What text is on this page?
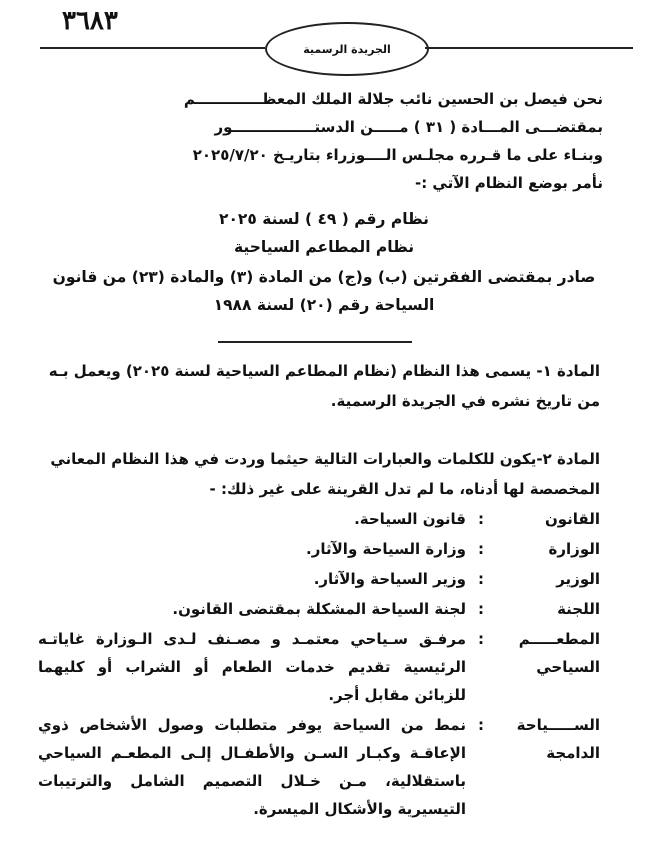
٣٦٨٣
الجريدة الرسمية
نحن فيصل بن الحسين نائب جلالة الملك المعظـــــــــــــم
بمقتضـــى المـــادة ( ٣١ ) مـــــن الدستــــــــــــــــور
وبنـاء على ما قـرره مجلـس الــــوزراء بتاريـخ ٢٠٢٥/٧/٢٠
نأمر بوضع النظام الآتي :-
نظام رقم ( ٤٩ ) لسنة ٢٠٢٥
نظام المطاعم السياحية
صادر بمقتضى الفقرتين (ب) و(ج) من المادة (٣) والمادة (٢٣) من قانون
السياحة رقم (٢٠) لسنة ١٩٨٨
المادة ١- يسمى هذا النظام (نظام المطاعم السياحية لسنة ٢٠٢٥) ويعمل بـه
من تاريخ نشره في الجريدة الرسمية.
المادة ٢-يكون للكلمات والعبارات التالية حيثما وردت في هذا النظام المعاني
المخصصة لها أدناه، ما لم تدل القرينة على غير ذلك: -
القانون
:
قانون السياحة.
الوزارة
:
وزارة السياحة والآثار.
الوزير
:
وزير السياحة والآثار.
اللجنة
:
لجنة السياحة المشكلة بمقتضى القانون.
المطعـــــم السياحي
:
مرفـق سـياحي معتمـد و مصـنف لـدى الـوزارة غاياتـه الرئيسية تقديم خدمات الطعام أو الشراب أو كليهما للزبائن مقابل أجر.
الســـــياحة الدامجة
:
نمط من السياحة يوفر متطلبات وصول الأشخاص ذوي الإعاقـة وكبـار السـن والأطفـال إلـى المطعـم السياحي باستقلالية، مـن خـلال التصميم الشامل والترتيبات التيسيرية والأشكال الميسرة.
